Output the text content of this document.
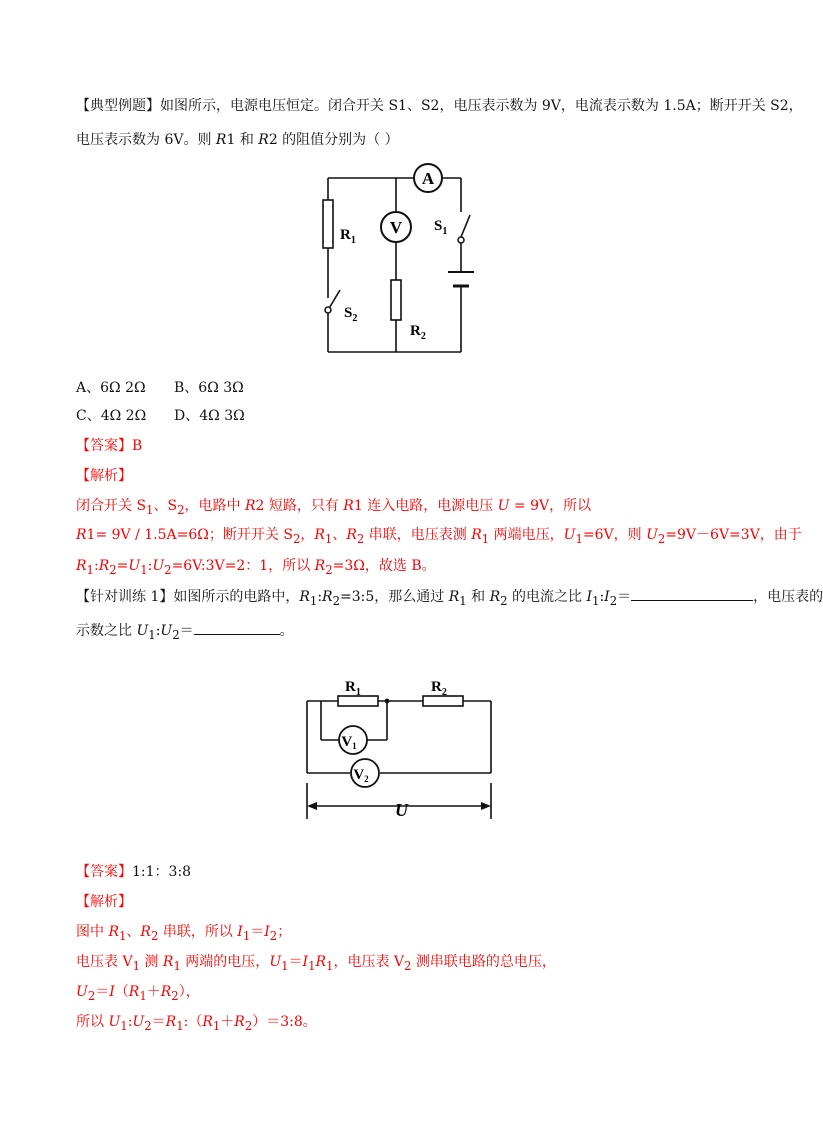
【典型例题】如图所示，电源电压恒定。闭合开关 S1、S2，电压表示数为 9V，电流表示数为 1.5A；断开开关 S2，
电压表示数为 6V。则 R1 和 R2 的阻值分别为（ ）
A
V
$R_1$
$R_2$
$S_1$
$S_2$
A、6Ω 2Ω B、6Ω 3Ω
C、4Ω 2Ω D、4Ω 3Ω
【答案】B
【解析】
闭合开关 $S_1$、$S_2$，电路中 R2 短路，只有 R1 连入电路，电源电压 U = 9V，所以
R1= 9V / 1.5A=6Ω；断开开关 $S_2$，$R_1$、$R_2$ 串联，电压表测 $R_1$ 两端电压，$U_1=6V$，则 $U_2=9V-6V=3V$，由于
$R_1:R_2=U_1:U_2=6V:3V=2$：1，所以 $R_2=3\Omega$，故选 B。
【针对训练 1】如图所示的电路中，$R_1:R_2=3:5$，那么通过 $R_1$ 和 $R_2$ 的电流之比 $I_1:I_2=$	，电压表的
示数之比 $U_1:U_2=$	。
$V_1$
$V_2$
$R_1$	$R_2$
U
【答案】1:1：3:8
【解析】
图中 $R_1$、$R_2$ 串联，所以 $I_1=I_2$；
电压表 $V_1$ 测 $R_1$ 两端的电压，$U_1=I_1R_1$，电压表 $V_2$ 测串联电路的总电压，
$U_2=I(R_1+R_2)$，
所以 $U_1:U_2=R_1:(R_1+R_2)=3:8$。
